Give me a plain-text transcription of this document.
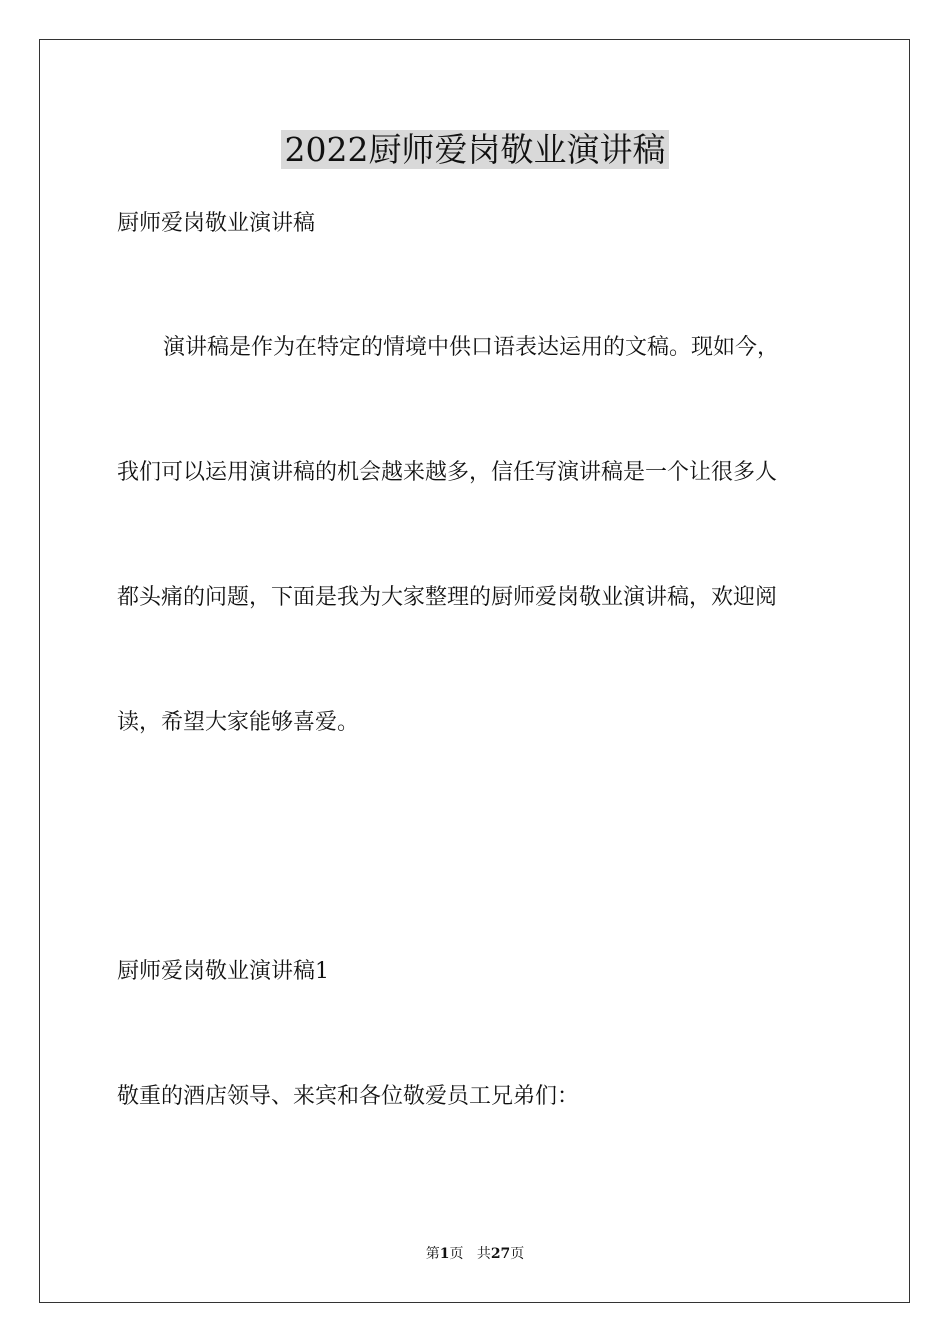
2022厨师爱岗敬业演讲稿
厨师爱岗敬业演讲稿
演讲稿是作为在特定的情境中供口语表达运用的文稿。现如今，
我们可以运用演讲稿的机会越来越多，信任写演讲稿是一个让很多人
都头痛的问题，下面是我为大家整理的厨师爱岗敬业演讲稿，欢迎阅
读，希望大家能够喜爱。
厨师爱岗敬业演讲稿1
敬重的酒店领导、来宾和各位敬爱员工兄弟们：
第1页 共27页
